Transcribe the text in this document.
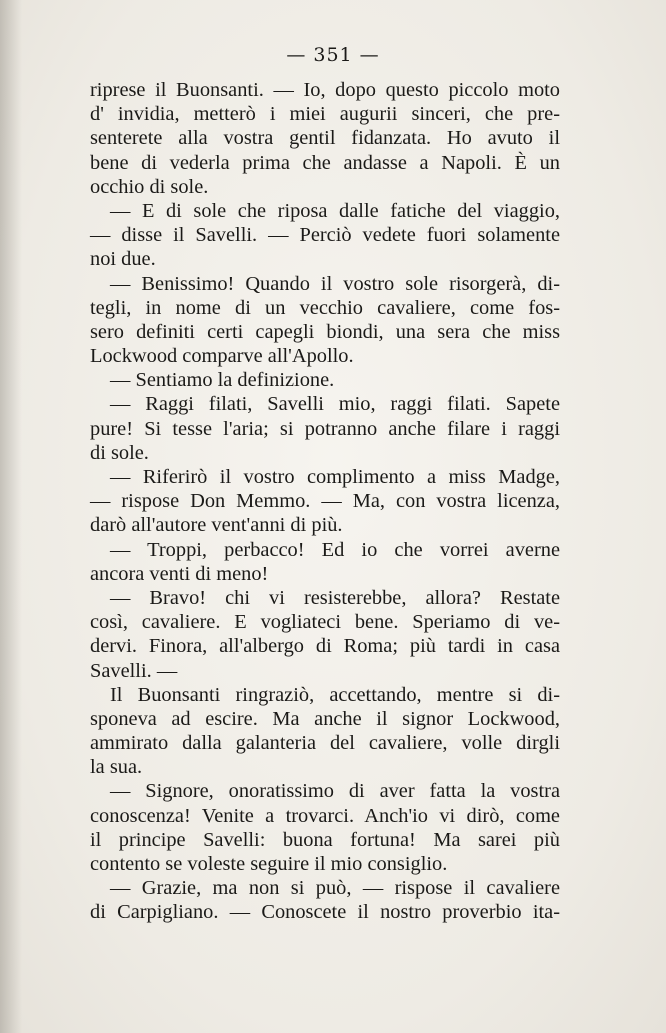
— 351 —
riprese il Buonsanti. — Io, dopo questo piccolo moto
d' invidia, metterò i miei augurii sinceri, che pre-
senterete alla vostra gentil fidanzata. Ho avuto il
bene di vederla prima che andasse a Napoli. È un
occhio di sole.
— E di sole che riposa dalle fatiche del viaggio,
— disse il Savelli. — Perciò vedete fuori solamente
noi due.
— Benissimo! Quando il vostro sole risorgerà, di-
tegli, in nome di un vecchio cavaliere, come fos-
sero definiti certi capegli biondi, una sera che miss
Lockwood comparve all'Apollo.
— Sentiamo la definizione.
— Raggi filati, Savelli mio, raggi filati. Sapete
pure! Si tesse l'aria; si potranno anche filare i raggi
di sole.
— Riferirò il vostro complimento a miss Madge,
— rispose Don Memmo. — Ma, con vostra licenza,
darò all'autore vent'anni di più.
— Troppi, perbacco! Ed io che vorrei averne
ancora venti di meno!
— Bravo! chi vi resisterebbe, allora? Restate
così, cavaliere. E vogliateci bene. Speriamo di ve-
dervi. Finora, all'albergo di Roma; più tardi in casa
Savelli. —
Il Buonsanti ringraziò, accettando, mentre si di-
sponeva ad escire. Ma anche il signor Lockwood,
ammirato dalla galanteria del cavaliere, volle dirgli
la sua.
— Signore, onoratissimo di aver fatta la vostra
conoscenza! Venite a trovarci. Anch'io vi dirò, come
il principe Savelli: buona fortuna! Ma sarei più
contento se voleste seguire il mio consiglio.
— Grazie, ma non si può, — rispose il cavaliere
di Carpigliano. — Conoscete il nostro proverbio ita-
